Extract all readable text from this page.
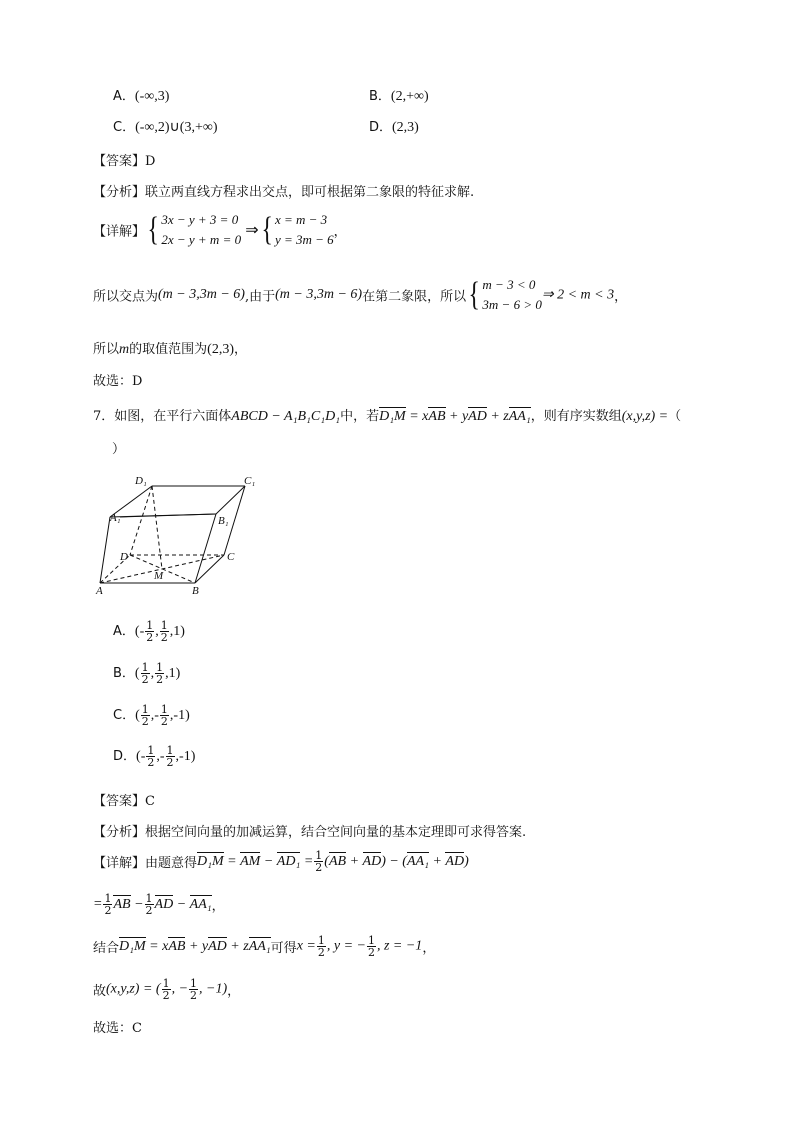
A．(-∞,3)	B．(2,+∞)
C．(-∞,2)∪(3,+∞)	D．(2,3)
【答案】D
【分析】联立两直线方程求出交点，即可根据第二象限的特征求解.
【详解】{ 3x − y + 3 = 0
2x − y + m = 0
⇒{ x = m − 3
y = 3m − 6 ，
所以交点为(m − 3,3m − 6),由于(m − 3,3m − 6)在第二象限，所以{ m − 3 < 0
3m − 6 > 0
⇒ 2 < m < 3，
所以m的取值范围为(2,3)，
故选：D
7．如图，在平行六面体ABCD − A₁B₁C₁D₁中，若D₁M = xAB + yAD + zAA₁，则有序实数组(x,y,z) =（
）
D₁	C₁
A₁	B₁
D	C
M
A	B
A．(- $\frac{1}{2}$ , $\frac{1}{2} ,1$)
B．( $\frac{1}{2}$ , $\frac{1}{2} ,1$)
C．( $\frac{1}{2}$ ,- $\frac{1}{2} ,-1$)
D．(- $\frac{1}{2}$ ,- $\frac{1}{2} ,-1$)
【答案】C
【分析】根据空间向量的加减运算，结合空间向量的基本定理即可求得答案.
【详解】由题意得D₁M = AM − $AD_1 = \frac{1}{2} (AB + AD) - (AA_1 + AD)$
= $\frac{1}{2}$ AB − $\frac{1}{2}$ AD − AA₁，
结合D₁M = xAB + yAD + zAA₁可得$x = \frac{1}{2}$ , y = − $\frac{1}{2}$ , z = −1，
故(x,y,z) = ( $\frac{1}{2}$ , − $\frac{1}{2}$ , −1)，
故选：C
